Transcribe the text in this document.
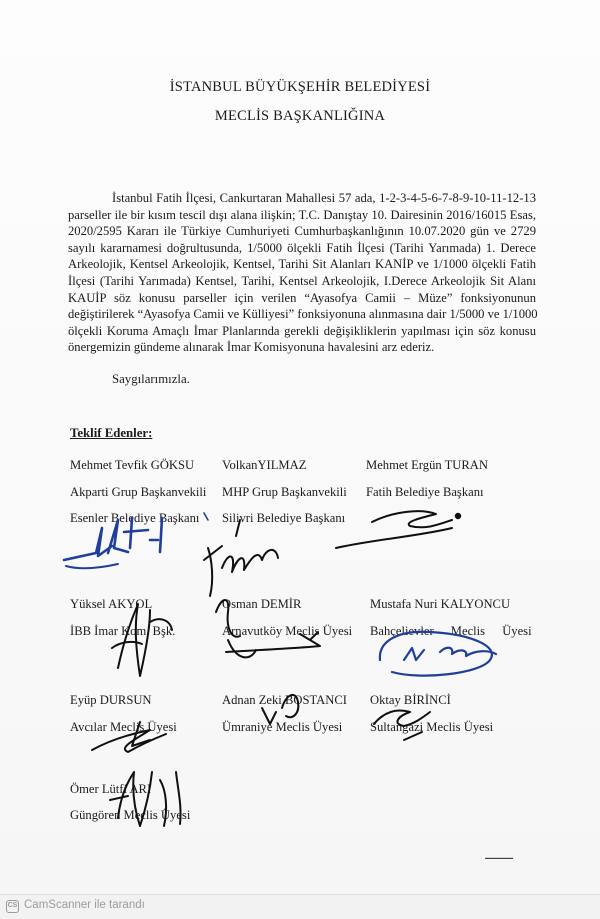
İSTANBUL BÜYÜKŞEHİR BELEDİYESİ
MECLİS BAŞKANLIĞINA
İstanbul Fatih İlçesi, Cankurtaran Mahallesi 57 ada, 1-2-3-4-5-6-7-8-9-10-11-12-13
parseller ile bir kısım tescil dışı alana ilişkin; T.C. Danıştay 10. Dairesinin 2016/16015 Esas,
2020/2595 Kararı ile Türkiye Cumhuriyeti Cumhurbaşkanlığının 10.07.2020 gün ve 2729
sayılı kararnamesi doğrultusunda, 1/5000 ölçekli Fatih İlçesi (Tarihi Yarımada) 1. Derece
Arkeolojik, Kentsel Arkeolojik, Kentsel, Tarihi Sit Alanları KANİP ve 1/1000 ölçekli Fatih
İlçesi (Tarihi Yarımada) Kentsel, Tarihi, Kentsel Arkeolojik, I.Derece Arkeolojik Sit Alanı
KAUİP söz konusu parseller için verilen “Ayasofya Camii – Müze” fonksiyonunun
değiştirilerek “Ayasofya Camii ve Külliyesi” fonksiyonuna alınmasına dair 1/5000 ve 1/1000
ölçekli Koruma Amaçlı İmar Planlarında gerekli değişikliklerin yapılması için söz konusu
önergemizin gündeme alınarak İmar Komisyonuna havalesini arz ederiz.
Saygılarımızla.
Teklif Edenler:
Mehmet Tevfik GÖKSU
Akparti Grup Başkanvekili
Esenler Belediye Başkanı
VolkanYILMAZ
MHP Grup Başkanvekili
Silivri Belediye Başkanı
Mehmet Ergün TURAN
Fatih Belediye Başkanı
Yüksel AKYOL
İBB İmar Kom. Bşk.
Osman DEMİR
Arnavutköy Meclis Üyesi
Mustafa Nuri KALYONCU
Bahçelievler Meclis Üyesi
Eyüp DURSUN
Avcılar Meclis Üyesi
Adnan Zeki BOSTANCI
Ümraniye Meclis Üyesi
Oktay BİRİNCİ
Sultangazi Meclis Üyesi
Ömer Lütfi ARI
Güngören Meclis Üyesi
▬▬▬▬▬▬▬
CS CamScanner ile tarandı
